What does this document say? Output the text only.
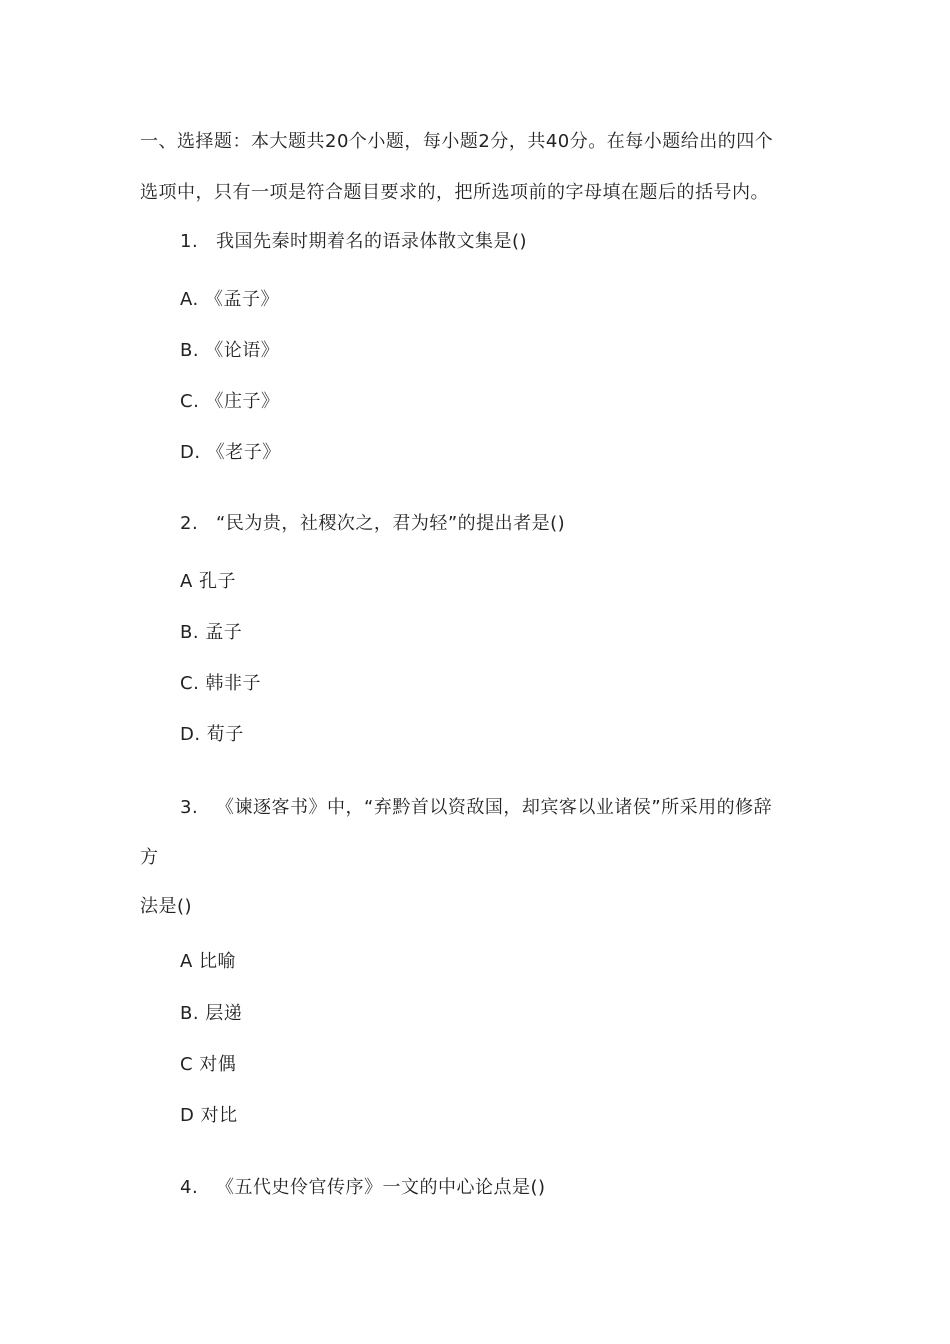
一、选择题：本大题共20个小题，每小题2分，共40分。在每小题给出的四个
选项中，只有一项是符合题目要求的，把所选项前的字母填在题后的括号内。
1. 我国先秦时期着名的语录体散文集是()
A. 《孟子》
B. 《论语》
C. 《庄子》
D. 《老子》
2. “民为贵，社稷次之，君为轻”的提出者是()
A 孔子
B. 孟子
C. 韩非子
D. 荀子
3. 《谏逐客书》中，“弃黔首以资敌国，却宾客以业诸侯”所采用的修辞
方
法是()
A 比喻
B. 层递
C 对偶
D 对比
4. 《五代史伶官传序》一文的中心论点是()
